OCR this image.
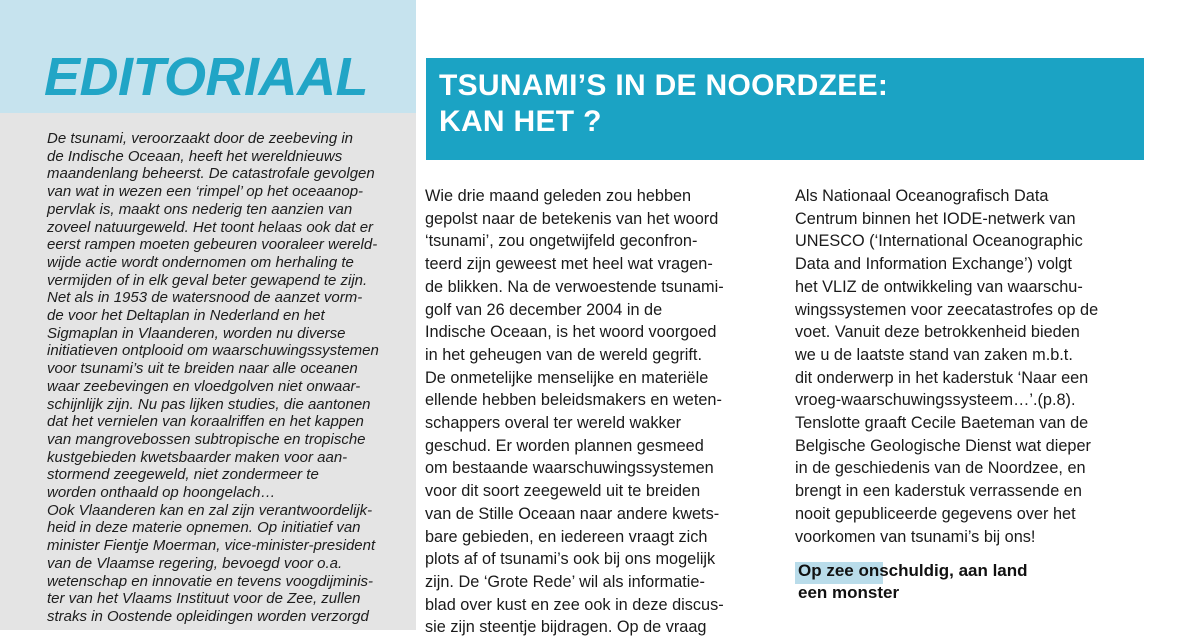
EDITORIAAL

De tsunami, veroorzaakt door de zeebeving in
de Indische Oceaan, heeft het wereldnieuws
maandenlang beheerst. De catastrofale gevolgen
van wat in wezen een ‘rimpel’ op het oceaanop-
pervlak is, maakt ons nederig ten aanzien van
zoveel natuurgeweld. Het toont helaas ook dat er
eerst rampen moeten gebeuren vooraleer wereld-
wijde actie wordt ondernomen om herhaling te
vermijden of in elk geval beter gewapend te zijn.
Net als in 1953 de watersnood de aanzet vorm-
de voor het Deltaplan in Nederland en het
Sigmaplan in Vlaanderen, worden nu diverse
initiatieven ontplooid om waarschuwingssystemen
voor tsunami’s uit te breiden naar alle oceanen
waar zeebevingen en vloedgolven niet onwaar-
schijnlijk zijn. Nu pas lijken studies, die aantonen
dat het vernielen van koraalriffen en het kappen
van mangrovebossen subtropische en tropische
kustgebieden kwetsbaarder maken voor aan-
stormend zeegeweld, niet zondermeer te
worden onthaald op hoongelach…
Ook Vlaanderen kan en zal zijn verantwoordelijk-
heid in deze materie opnemen. Op initiatief van
minister Fientje Moerman, vice-minister-president
van de Vlaamse regering, bevoegd voor o.a.
wetenschap en innovatie en tevens voogdijminis-
ter van het Vlaams Instituut voor de Zee, zullen
straks in Oostende opleidingen worden verzorgd

TSUNAMI’S IN DE NOORDZEE:
KAN HET ?

Wie drie maand geleden zou hebben
gepolst naar de betekenis van het woord
‘tsunami’, zou ongetwijfeld geconfron-
teerd zijn geweest met heel wat vragen-
de blikken. Na de verwoestende tsunami-
golf van 26 december 2004 in de
Indische Oceaan, is het woord voorgoed
in het geheugen van de wereld gegrift.
De onmetelijke menselijke en materiële
ellende hebben beleidsmakers en weten-
schappers overal ter wereld wakker
geschud. Er worden plannen gesmeed
om bestaande waarschuwingssystemen
voor dit soort zeegeweld uit te breiden
van de Stille Oceaan naar andere kwets-
bare gebieden, en iedereen vraagt zich
plots af of tsunami’s ook bij ons mogelijk
zijn. De ‘Grote Rede’ wil als informatie-
blad over kust en zee ook in deze discus-
sie zijn steentje bijdragen. Op de vraag

Als Nationaal Oceanografisch Data
Centrum binnen het IODE-netwerk van
UNESCO (‘International Oceanographic
Data and Information Exchange’) volgt
het VLIZ de ontwikkeling van waarschu-
wingssystemen voor zeecatastrofes op de
voet. Vanuit deze betrokkenheid bieden
we u de laatste stand van zaken m.b.t.
dit onderwerp in het kaderstuk ‘Naar een
vroeg-waarschuwingssysteem…’.(p.8).
Tenslotte graaft Cecile Baeteman van de
Belgische Geologische Dienst wat dieper
in de geschiedenis van de Noordzee, en
brengt in een kaderstuk verrassende en
nooit gepubliceerde gegevens over het
voorkomen van tsunami’s bij ons!

Op zee onschuldig, aan land
een monster
